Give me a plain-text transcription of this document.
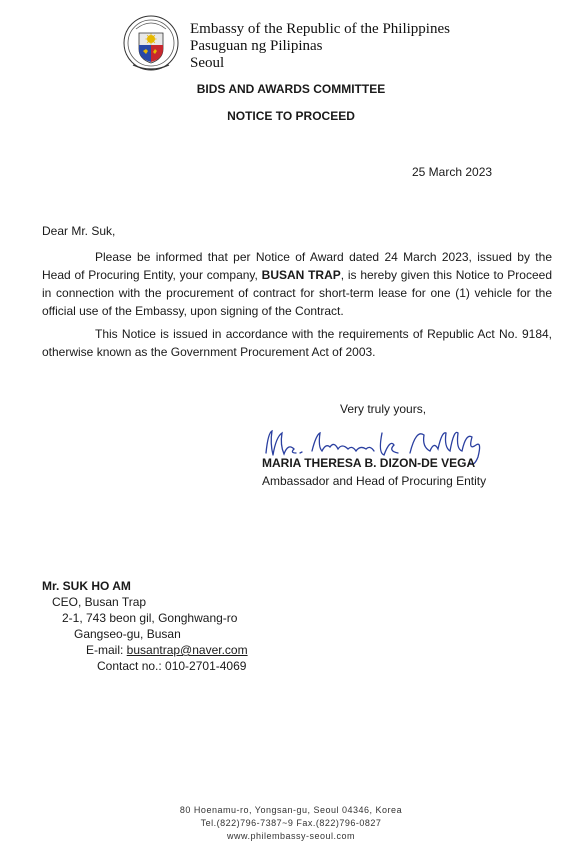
Embassy of the Republic of the Philippines
Pasuguan ng Pilipinas
Seoul
BIDS AND AWARDS COMMITTEE
NOTICE TO PROCEED
25 March 2023
Dear Mr. Suk,
Please be informed that per Notice of Award dated 24 March 2023, issued by the Head of Procuring Entity, your company, BUSAN TRAP, is hereby given this Notice to Proceed in connection with the procurement of contract for short-term lease for one (1) vehicle for the official use of the Embassy, upon signing of the Contract.
This Notice is issued in accordance with the requirements of Republic Act No. 9184, otherwise known as the Government Procurement Act of 2003.
Very truly yours,
MARIA THERESA B. DIZON-DE VEGA
Ambassador and Head of Procuring Entity
Mr. SUK HO AM
CEO, Busan Trap
2-1, 743 beon gil, Gonghwang-ro
Gangseo-gu, Busan
E-mail: busantrap@naver.com
Contact no.: 010-2701-4069
80 Hoenamu-ro, Yongsan-gu, Seoul 04346, Korea
Tel.(822)796-7387~9 Fax.(822)796-0827
www.philembassy-seoul.com
